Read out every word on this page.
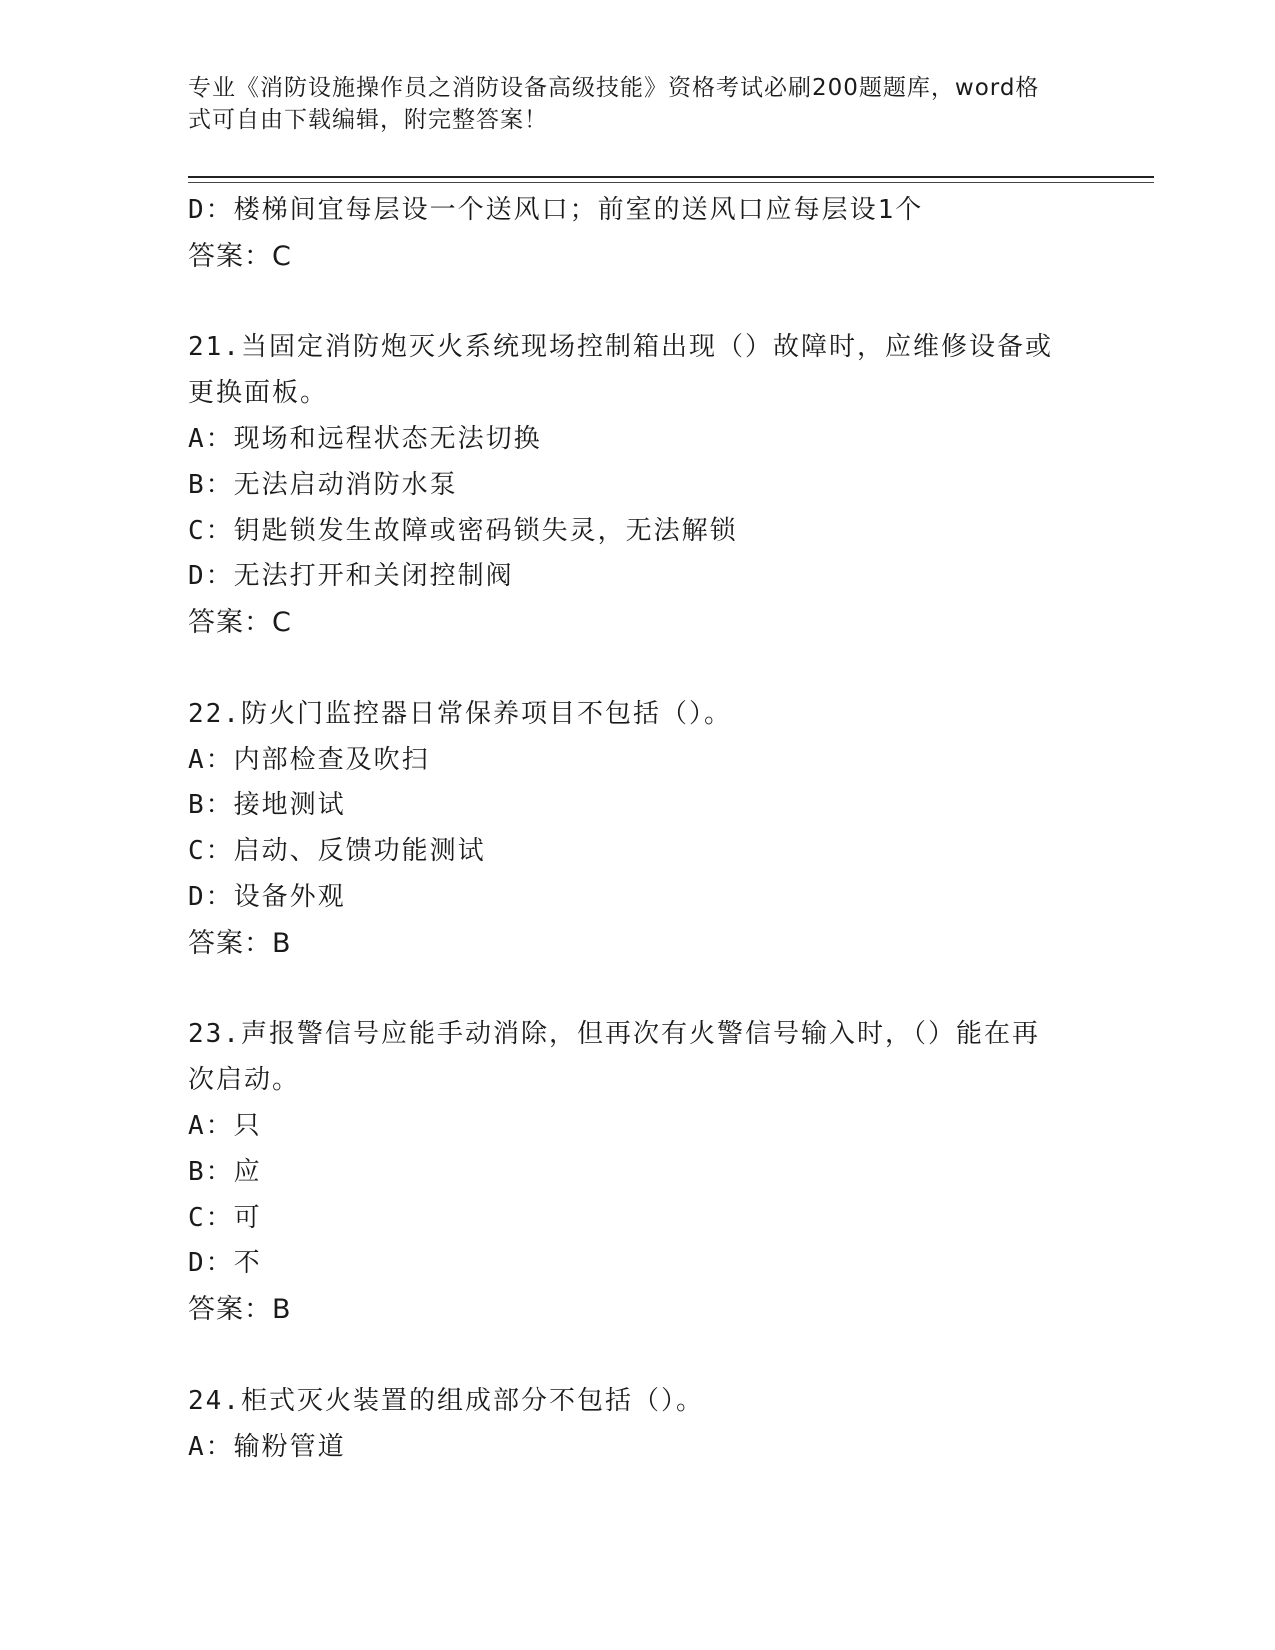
专业《消防设施操作员之消防设备高级技能》资格考试必刷200题题库，word格
式可自由下载编辑，附完整答案！
D：楼梯间宜每层设一个送风口；前室的送风口应每层设1个
答案：C
21.当固定消防炮灭火系统现场控制箱出现（）故障时，应维修设备或
更换面板。
A：现场和远程状态无法切换
B：无法启动消防水泵
C：钥匙锁发生故障或密码锁失灵，无法解锁
D：无法打开和关闭控制阀
答案：C
22.防火门监控器日常保养项目不包括（）。
A：内部检查及吹扫
B：接地测试
C：启动、反馈功能测试
D：设备外观
答案：B
23.声报警信号应能手动消除，但再次有火警信号输入时，（）能在再
次启动。
A：只
B：应
C：可
D：不
答案：B
24.柜式灭火装置的组成部分不包括（）。
A：输粉管道
